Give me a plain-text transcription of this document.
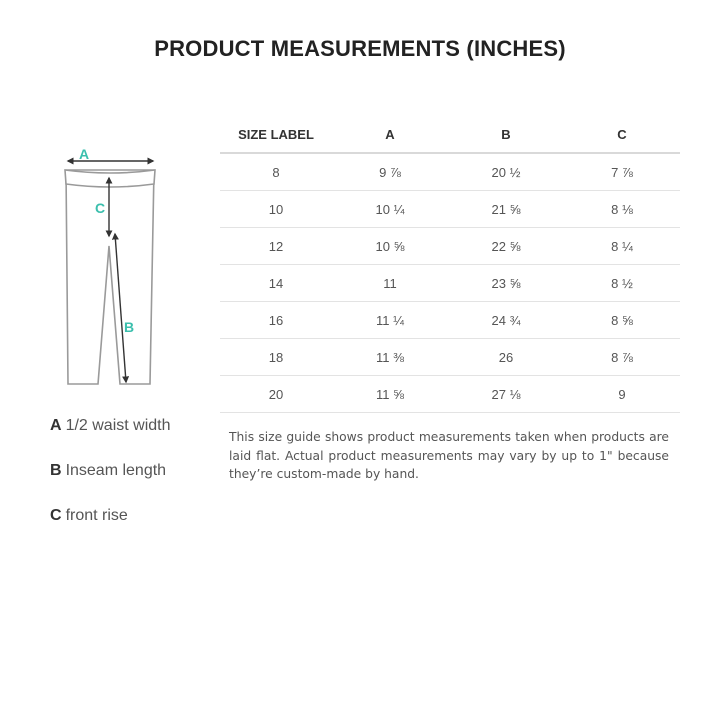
PRODUCT MEASUREMENTS (INCHES)
A
C
B
A 1/2 waist width
B Inseam length
C front rise
SIZE LABEL	A	B	C
8	9 ⅞	20 ½	7 ⅞
10	10 ¼	21 ⅝	8 ⅛
12	10 ⅝	22 ⅝	8 ¼
14	11	23 ⅝	8 ½
16	11 ¼	24 ¾	8 ⅝
18	11 ⅜	26	8 ⅞
20	11 ⅝	27 ⅛	9
This size guide shows product measurements taken when products are laid flat. Actual product measurements may vary by up to 1" because they’re custom-made by hand.
